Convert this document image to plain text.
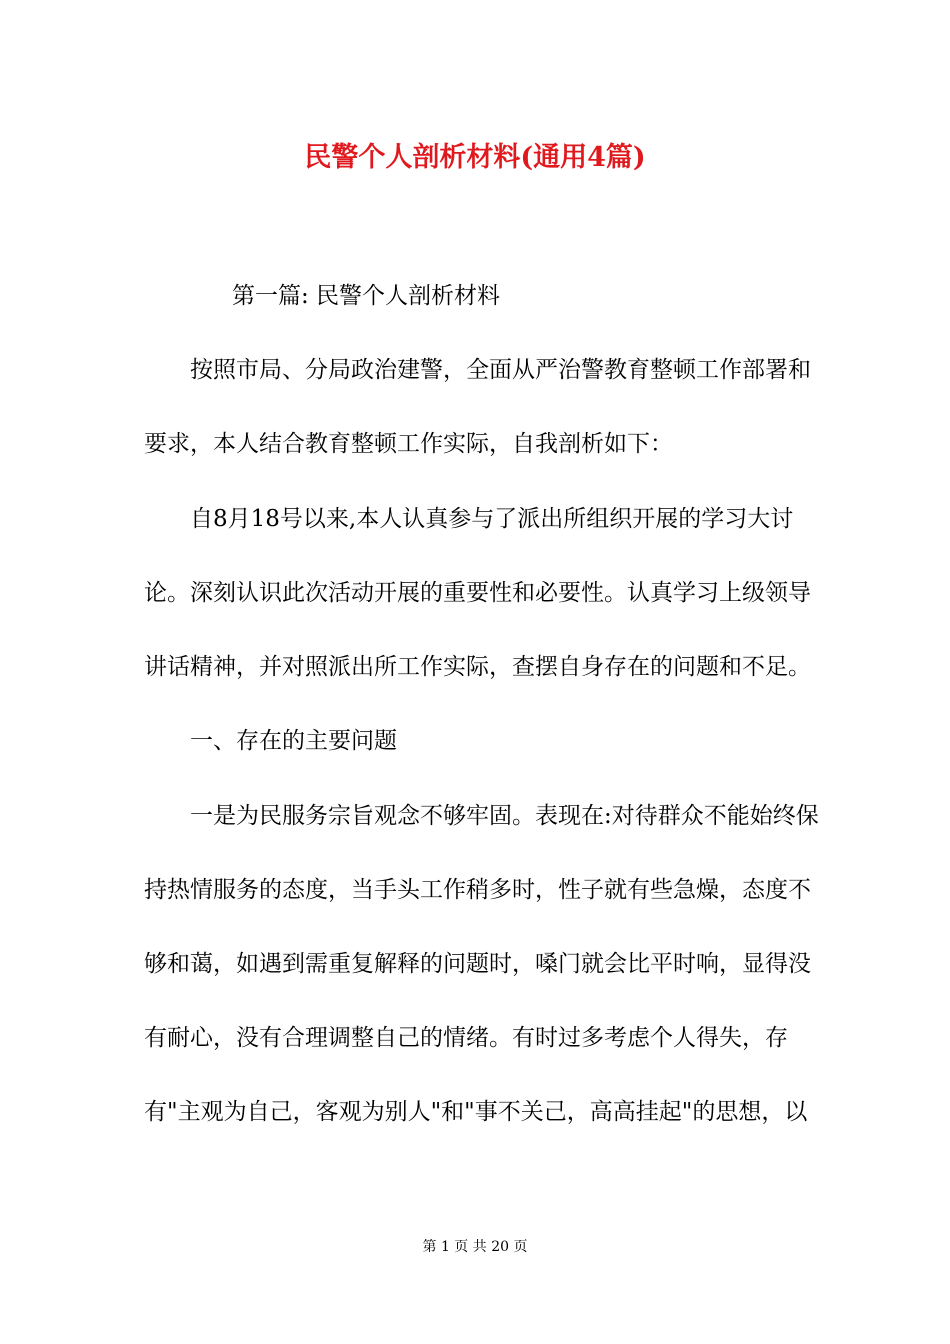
民警个人剖析材料(通用4篇)

第一篇: 民警个人剖析材料

按照市局、分局政治建警，全面从严治警教育整顿工作部署和

要求，本人结合教育整顿工作实际，自我剖析如下：

自8月18号以来,本人认真参与了派出所组织开展的学习大讨

论。深刻认识此次活动开展的重要性和必要性。认真学习上级领导

讲话精神，并对照派出所工作实际，查摆自身存在的问题和不足。

一、存在的主要问题

一是为民服务宗旨观念不够牢固。表现在:对待群众不能始终保

持热情服务的态度，当手头工作稍多时，性子就有些急燥，态度不

够和蔼，如遇到需重复解释的问题时，嗓门就会比平时响，显得没

有耐心，没有合理调整自己的情绪。有时过多考虑个人得失，存

有"主观为自己，客观为别人"和"事不关己，高高挂起"的思想，以

第 1 页 共 20 页
